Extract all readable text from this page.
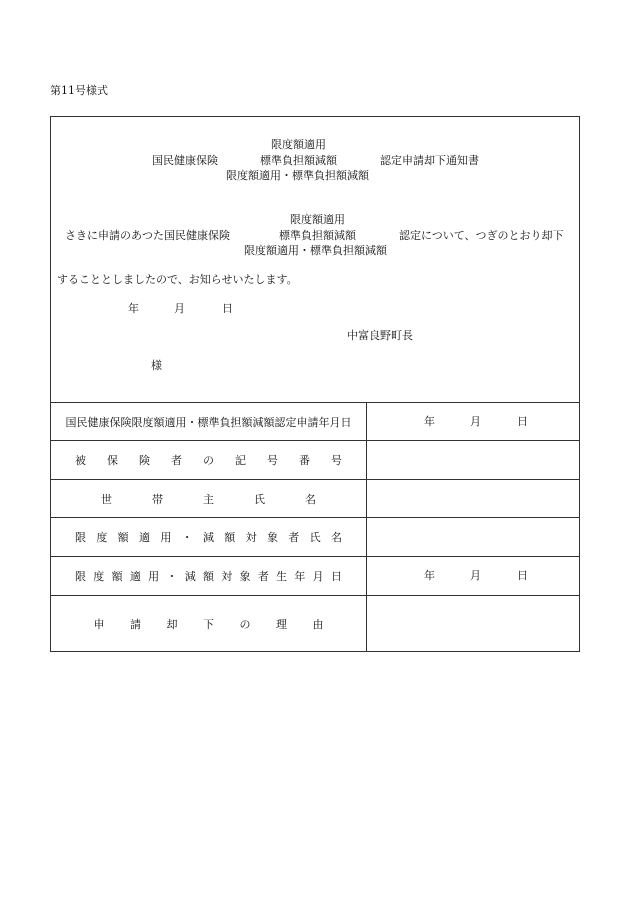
第11号様式
限度額適用
国民健康保険	標準負担額減額	認定申請却下通知書
限度額適用・標準負担額減額
限度額適用
さきに申請のあつた国民健康保険	標準負担額減額	認定について、つぎのとおり却下
限度額適用・標準負担額減額
することとしましたので、お知らせいたします。
年	月	日
中富良野町長
様
国民健康保険限度額適用・標準負担額減額認定申請年月日	年	月	日
被 保 険 者 の 記 号 番 号
世	帯	主	氏	名
限 度 額 適 用 ・ 減 額 対 象 者 氏 名
限 度 額 適 用 ・ 減 額 対 象 者 生 年 月 日	年	月	日
申 請 却 下 の 理 由
